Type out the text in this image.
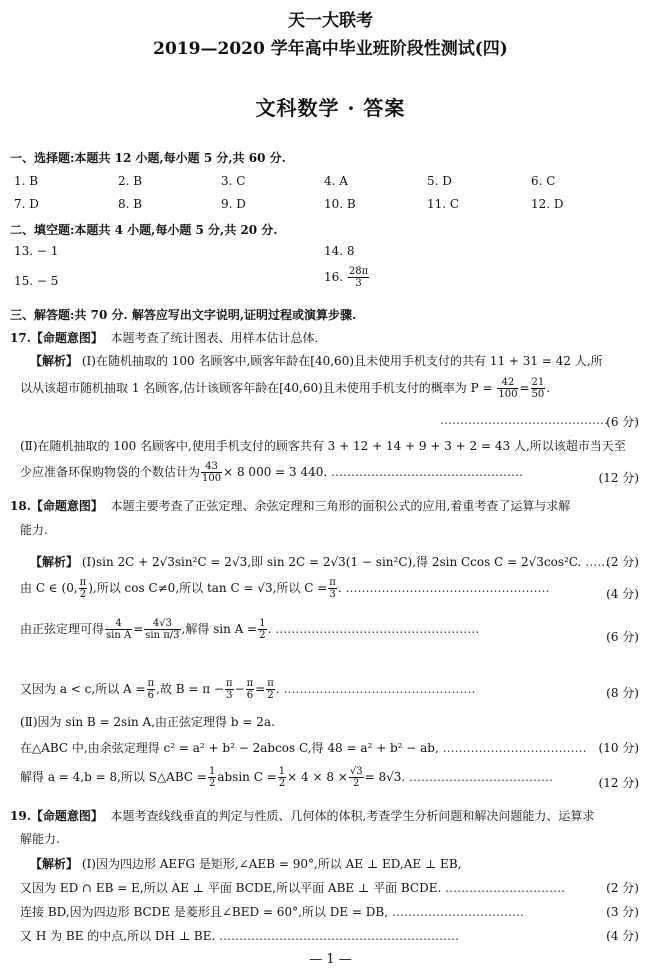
天一大联考
2019—2020 学年高中毕业班阶段性测试(四)
文科数学 · 答案
一、选择题:本题共 12 小题,每小题 5 分,共 60 分.
1. B	2. B	3. C	4. A	5. D	6. C
7. D	8. B	9. D	10. B	11. C	12. D
二、填空题:本题共 4 小题,每小题 5 分,共 20 分.
13. − 1	14. 8
15. − 5	16. $\frac{28\pi}{3}$
三、解答题:共 70 分. 解答应写出文字说明,证明过程或演算步骤.
17.【命题意图】 本题考查了统计图表、用样本估计总体.
【解析】 (Ⅰ)在随机抽取的 100 名顾客中,顾客年龄在[40,60)且未使用手机支付的共有 11 + 31 = 42 人,所
以从该超市随机抽取 1 名顾客,估计该顾客年龄在[40,60)且未使用手机支付的概率为 $P = \frac{42}{100} = \frac{21}{50}$ .
……………………………………
(6 分)
(Ⅱ)在随机抽取的 100 名顾客中,使用手机支付的顾客共有 3 + 12 + 14 + 9 + 3 + 2 = 43 人,所以该超市当天至
少应准备环保购物袋的个数估计为 $\frac{43}{100} \times 8$ 000 = 3 440. …………………………………………	(12 分)
18.【命题意图】 本题主要考查了正弦定理、余弦定理和三角形的面积公式的应用,着重考查了运算与求解
能力.
【解析】 (Ⅰ)sin 2C + 2√3sin²C = 2√3,即 sin 2C = 2√3(1 − sin²C),得 2sin Ccos C = 2√3cos²C. ……
(2 分)
由 C ∈ (0, $\frac{\pi}{2}$ ),所以 cos C≠0,所以 tan C = √3,所以 $C = \frac{\pi}{3}$ . ……………………………………………	(4 分)
由正弦定理可得 $\frac{4}{\text{sin A}} = \frac{4√3}{\text{sin π/3}}$ ,解得 $\sin A = \frac{1}{2}$ . ……………………………………………
(6 分)
又因为 a < c,所以 $A = \frac{\pi}{6}$ ,故 $B = \pi - \frac{\pi}{3} - \frac{\pi}{6} = \frac{\pi}{2}$ . …………………………………………	(8 分)
(Ⅱ)因为 sin B = 2sin A,由正弦定理得 b = 2a.
在△ABC 中,由余弦定理得 c² = a² + b² − 2abcos C,得 48 = a² + b² − ab, ……………………………… (10 分)
解得 a = 4,b = 8,所以 S△ABC = $\frac{1}{2}$ absin $C = \frac{1}{2} \times 4 \times 8 \times \frac{√3}{2} = 8√3$. ………………………………	(12 分)
19.【命题意图】 本题考查线线垂直的判定与性质、几何体的体积,考查学生分析问题和解决问题能力、运算求
解能力.
【解析】 (Ⅰ)因为四边形 AEFG 是矩形,∠AEB = 90°,所以 AE ⊥ ED,AE ⊥ EB,
又因为 ED ∩ EB = E,所以 AE ⊥ 平面 BCDE,所以平面 ABE ⊥ 平面 BCDE. …………………………	(2 分)
连接 BD,因为四边形 BCDE 是菱形且∠BED = 60°,所以 DE = DB, ……………………………	(3 分)
又 H 为 BE 的中点,所以 DH ⊥ BE. ……………………………………………………	(4 分)
— 1 —
